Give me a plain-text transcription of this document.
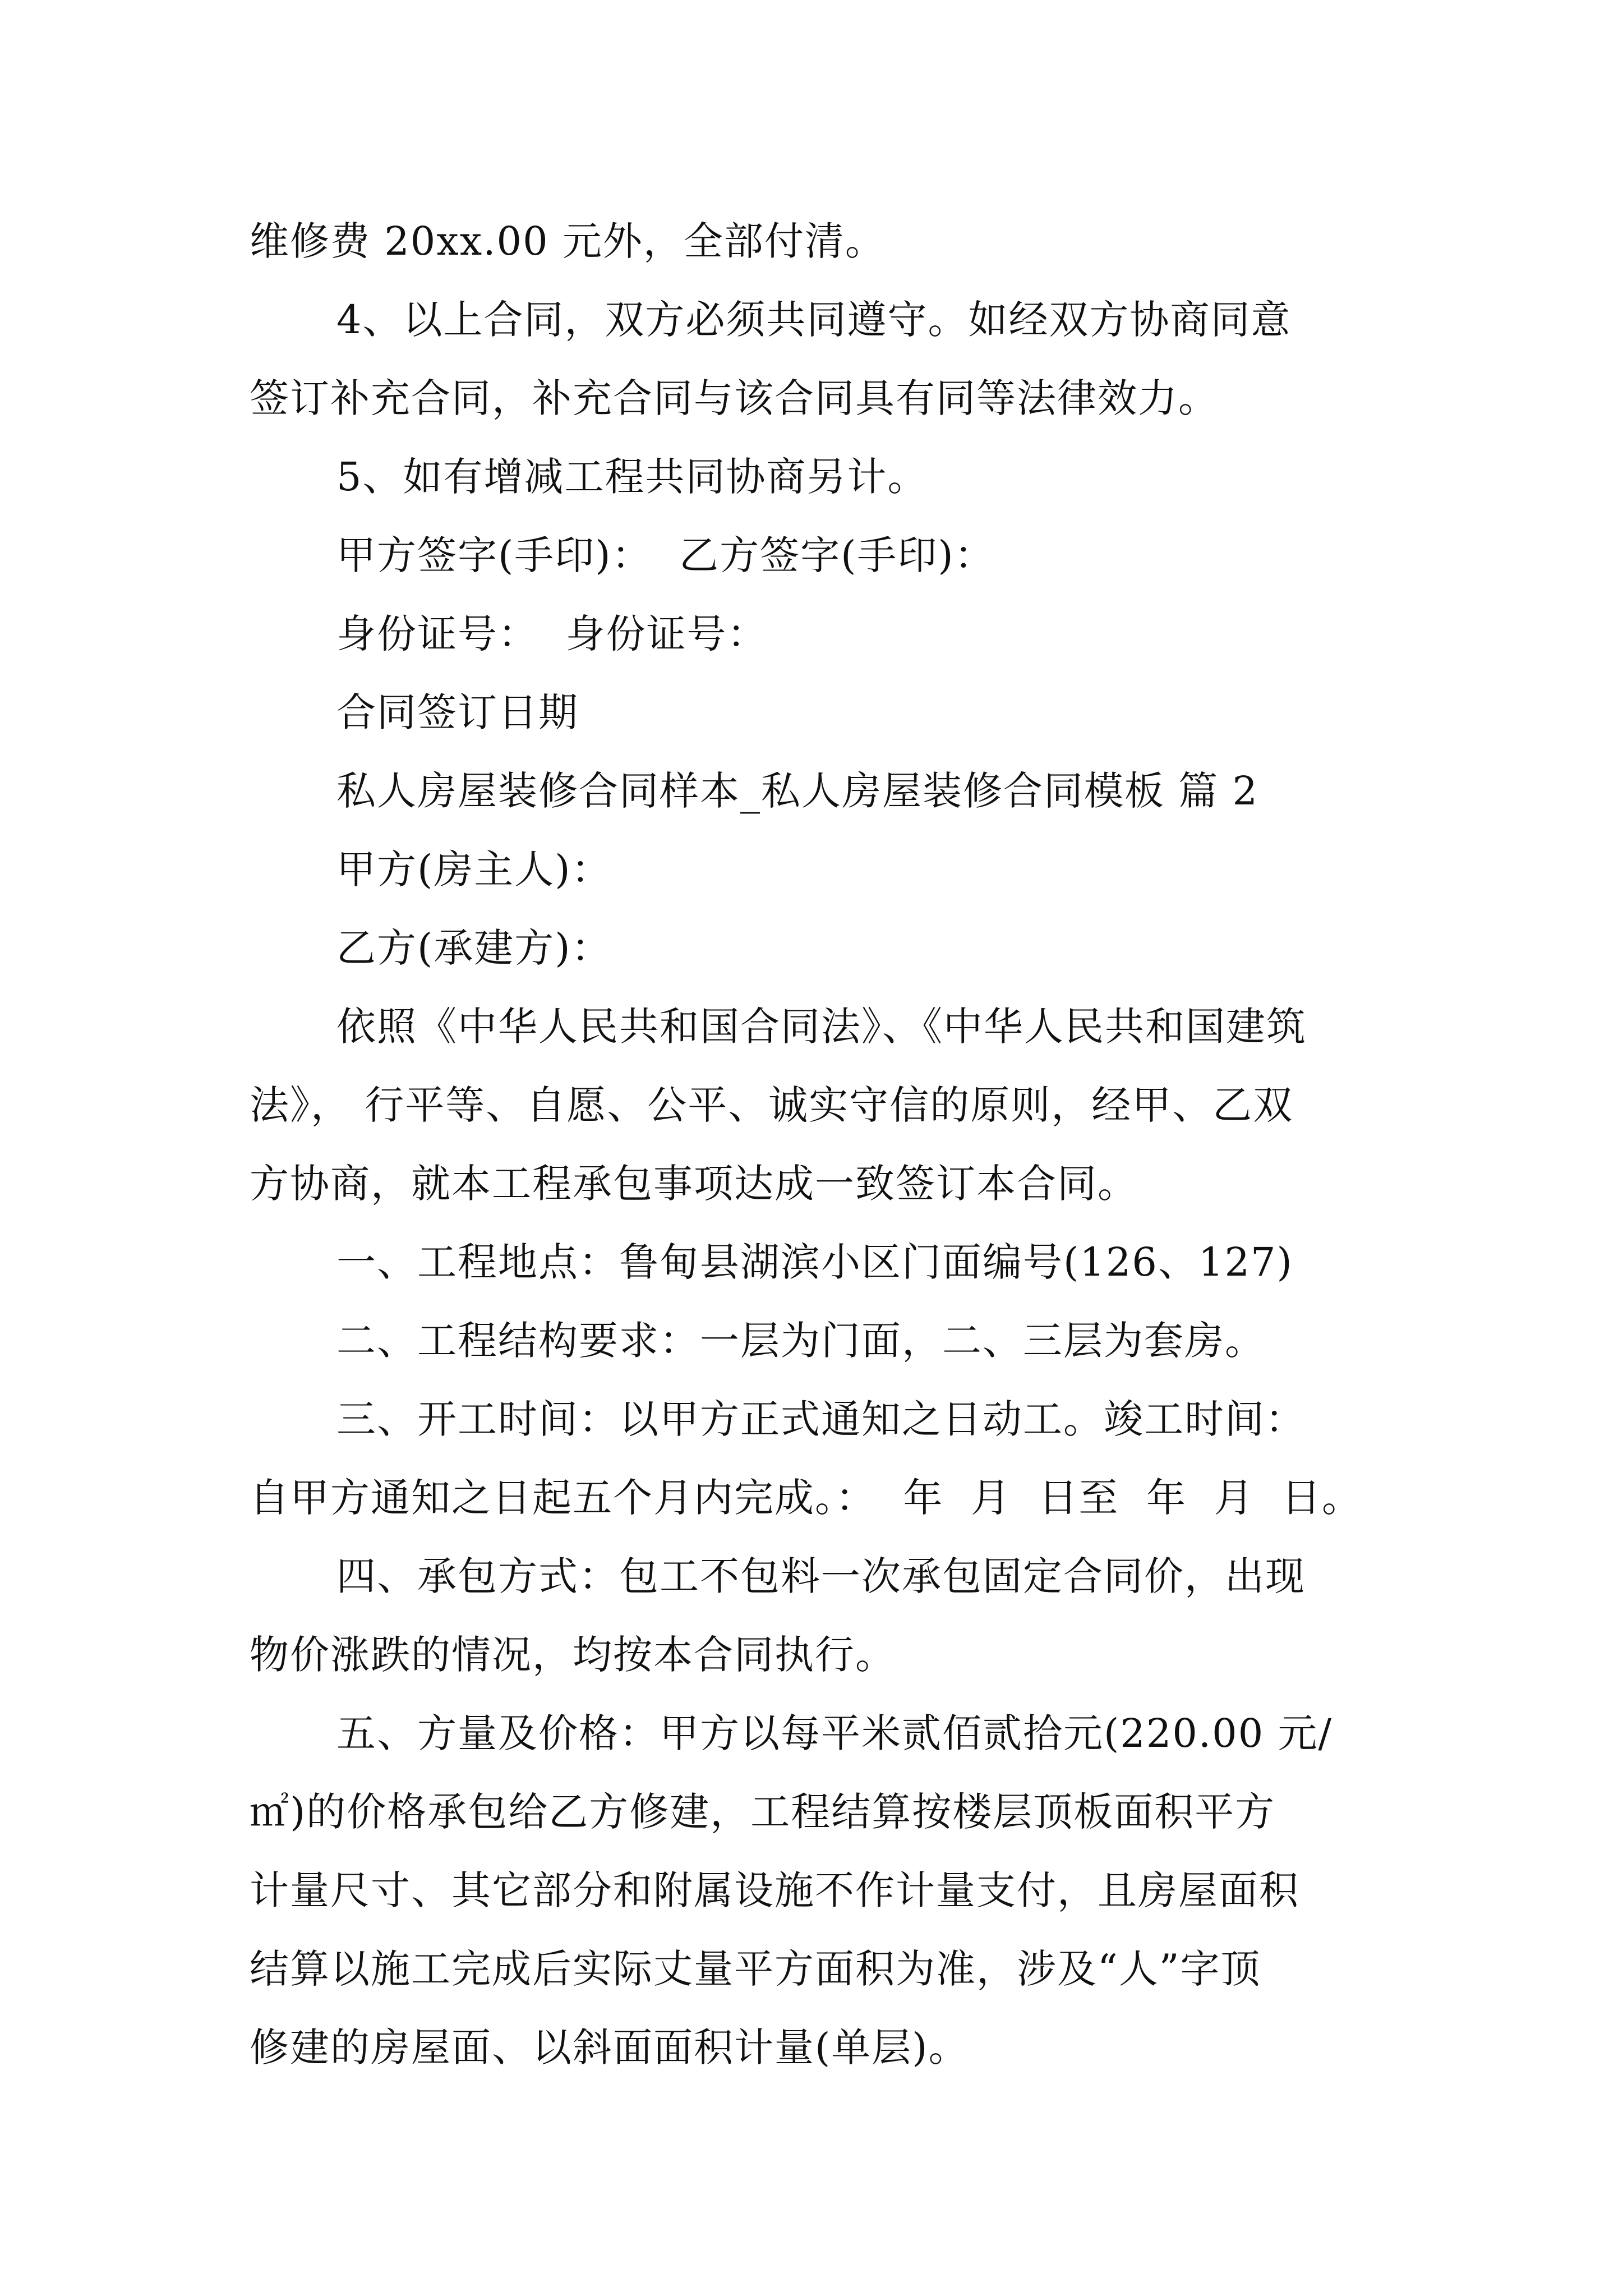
维修费 20xx.00 元外，全部付清。
4、以上合同，双方必须共同遵守。如经双方协商同意
签订补充合同，补充合同与该合同具有同等法律效力。
5、如有增减工程共同协商另计。
甲方签字(手印)：  乙方签字(手印)：
身份证号：  身份证号：
合同签订日期
私人房屋装修合同样本_私人房屋装修合同模板 篇 2
甲方(房主人)：
乙方(承建方)：
依照《中华人民共和国合同法》、《中华人民共和国建筑
法》， 行平等、自愿、公平、诚实守信的原则，经甲、乙双
方协商，就本工程承包事项达成一致签订本合同。
一、工程地点：鲁甸县湖滨小区门面编号(126、127)
二、工程结构要求：一层为门面，二、三层为套房。
三、开工时间：以甲方正式通知之日动工。竣工时间：
自甲方通知之日起五个月内完成。：  年  月  日至  年  月  日。
四、承包方式：包工不包料一次承包固定合同价，出现
物价涨跌的情况，均按本合同执行。
五、方量及价格：甲方以每平米贰佰贰拾元(220.00 元/
㎡)的价格承包给乙方修建，工程结算按楼层顶板面积平方
计量尺寸、其它部分和附属设施不作计量支付，且房屋面积
结算以施工完成后实际丈量平方面积为准，涉及“人”字顶
修建的房屋面、以斜面面积计量(单层)。
